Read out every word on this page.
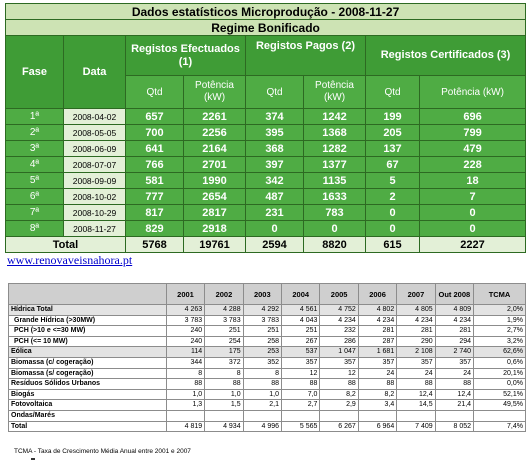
Dados estatísticos Microprodução - 2008-11-27							
Regime Bonificado							
Fase	Data	Registos Efectuados (1)		Registos Pagos (2)		Registos Certificados (3)	
		Qtd	Potência (kW)	Qtd	Potência (kW)	Qtd	Potência (kW)
1ª	2008-04-02	657	2261	374	1242	199	696
2ª	2008-05-05	700	2256	395	1368	205	799
3ª	2008-06-09	641	2164	368	1282	137	479
4ª	2008-07-07	766	2701	397	1377	67	228
5ª	2008-09-09	581	1990	342	1135	5	18
6ª	2008-10-02	777	2654	487	1633	2	7
7ª	2008-10-29	817	2817	231	783	0	0
8ª	2008-11-27	829	2918	0	0	0	0
Total		5768	19761	2594	8820	615	2227
www.renovaveisnahora.pt
	2001	2002	2003	2004	2005	2006	2007	Out 2008	TCMA
Hídrica Total	4 263	4 288	4 292	4 561	4 752	4 802	4 805	4 809	2,0%
Grande Hídrica (>30MW)	3 783	3 783	3 783	4 043	4 234	4 234	4 234	4 234	1,9%
PCH (>10 e <=30 MW)	240	251	251	251	232	281	281	281	2,7%
PCH (<= 10 MW)	240	254	258	267	286	287	290	294	3,2%
Eólica	114	175	253	537	1 047	1 681	2 108	2 740	62,6%
Biomassa (c/ cogeração)	344	372	352	357	357	357	357	357	0,6%
Biomassa (s/ cogeração)	8	8	8	12	12	24	24	24	20,1%
Resíduos Sólidos Urbanos	88	88	88	88	88	88	88	88	0,0%
Biogás	1,0	1,0	1,0	7,0	8,2	8,2	12,4	12,4	52,1%
Fotovoltaica	1,3	1,5	2,1	2,7	2,9	3,4	14,5	21,4	49,5%
Ondas/Marés									
Total	4 819	4 934	4 996	5 565	6 267	6 964	7 409	8 052	7,4%
TCMA - Taxa de Crescimento Média Anual entre 2001 e 2007
